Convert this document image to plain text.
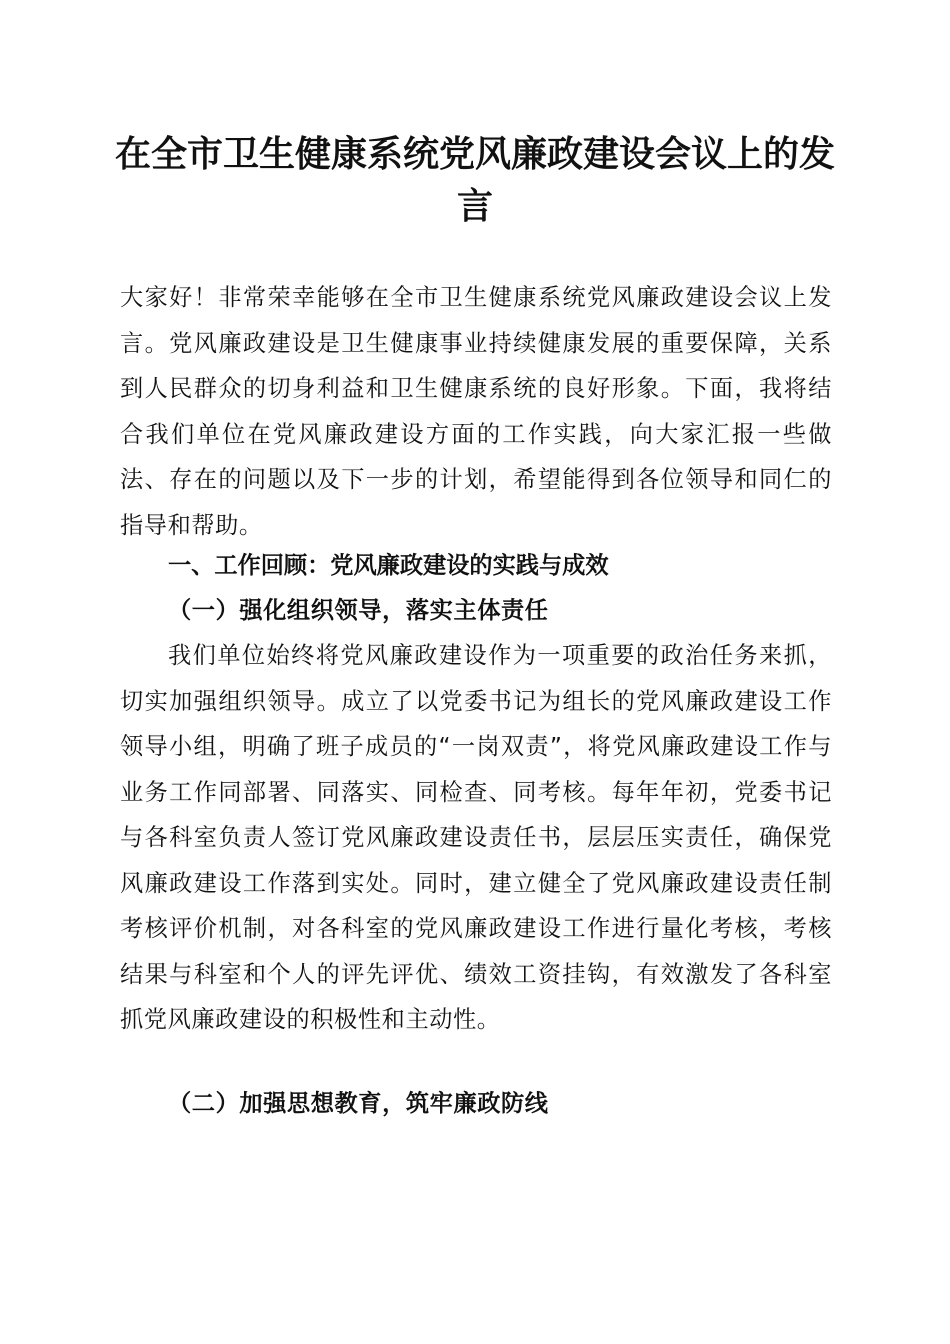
在全市卫生健康系统党风廉政建设会议上的发言

大家好！非常荣幸能够在全市卫生健康系统党风廉政建设会议上发言。党风廉政建设是卫生健康事业持续健康发展的重要保障，关系到人民群众的切身利益和卫生健康系统的良好形象。下面，我将结合我们单位在党风廉政建设方面的工作实践，向大家汇报一些做法、存在的问题以及下一步的计划，希望能得到各位领导和同仁的指导和帮助。

一、工作回顾：党风廉政建设的实践与成效
（一）强化组织领导，落实主体责任

我们单位始终将党风廉政建设作为一项重要的政治任务来抓，切实加强组织领导。成立了以党委书记为组长的党风廉政建设工作领导小组，明确了班子成员的“一岗双责”，将党风廉政建设工作与业务工作同部署、同落实、同检查、同考核。每年年初，党委书记与各科室负责人签订党风廉政建设责任书，层层压实责任，确保党风廉政建设工作落到实处。同时，建立健全了党风廉政建设责任制考核评价机制，对各科室的党风廉政建设工作进行量化考核，考核结果与科室和个人的评先评优、绩效工资挂钩，有效激发了各科室抓党风廉政建设的积极性和主动性。

（二）加强思想教育，筑牢廉政防线
